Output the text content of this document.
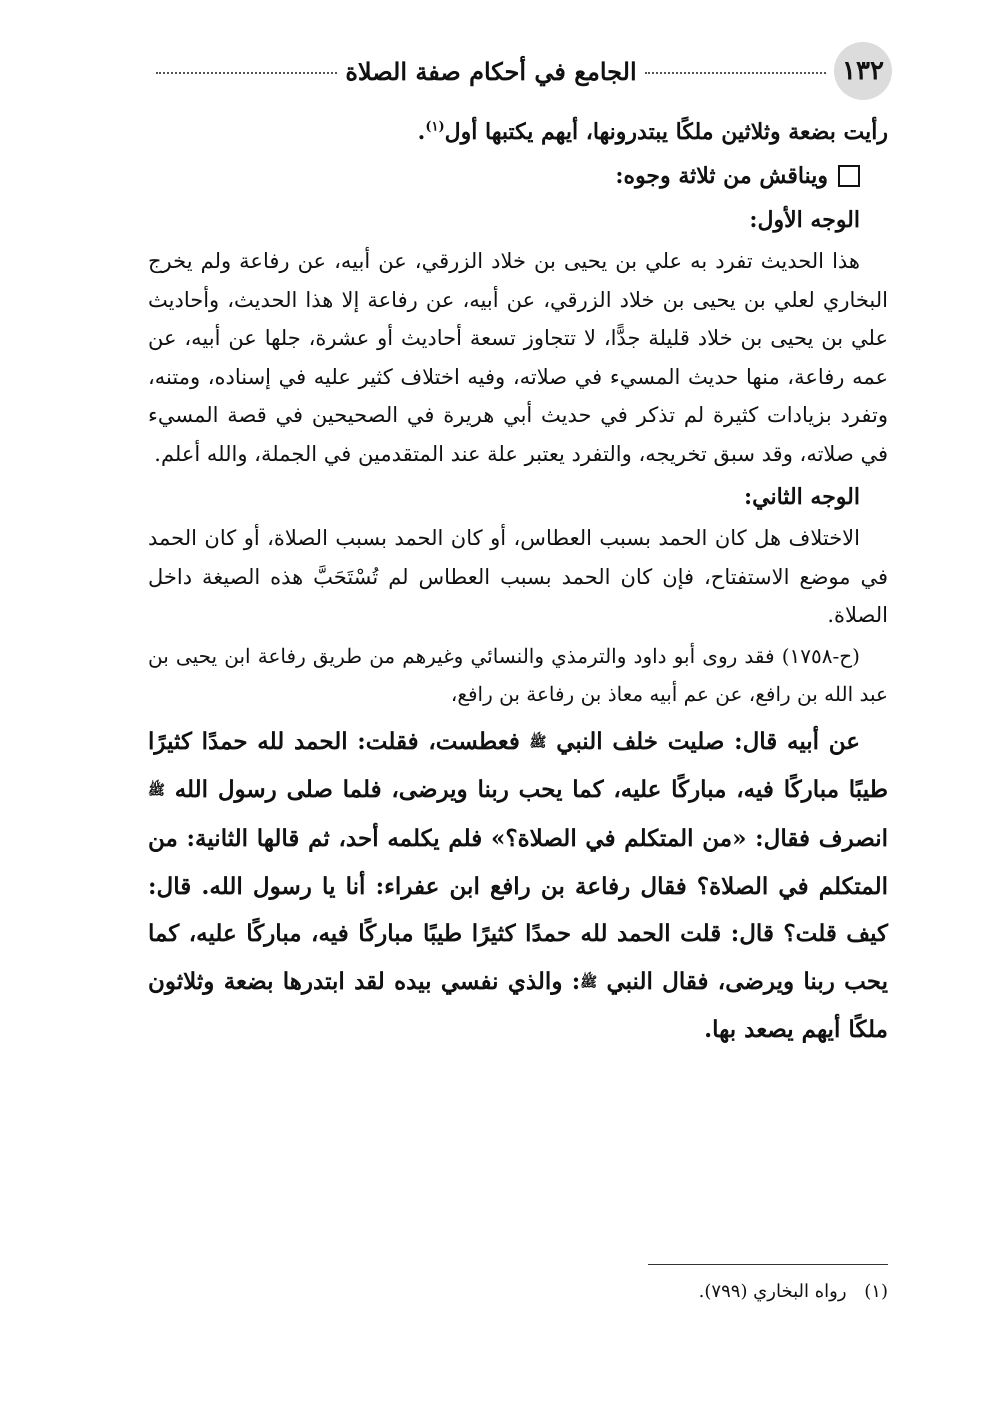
١٣٢
الجامع في أحكام صفة الصلاة

رأيت بضعة وثلاثين ملكًا يبتدرونها، أيهم يكتبها أول$^{(١)}$.

ويناقش من ثلاثة وجوه:

الوجه الأول:

هذا الحديث تفرد به علي بن يحيى بن خلاد الزرقي، عن أبيه، عن رفاعة ولم يخرج البخاري لعلي بن يحيى بن خلاد الزرقي، عن أبيه، عن رفاعة إلا هذا الحديث، وأحاديث علي بن يحيى بن خلاد قليلة جدًّا، لا تتجاوز تسعة أحاديث أو عشرة، جلها عن أبيه، عن عمه رفاعة، منها حديث المسيء في صلاته، وفيه اختلاف كثير عليه في إسناده، ومتنه، وتفرد بزيادات كثيرة لم تذكر في حديث أبي هريرة في الصحيحين في قصة المسيء في صلاته، وقد سبق تخريجه، والتفرد يعتبر علة عند المتقدمين في الجملة، والله أعلم.

الوجه الثاني:

الاختلاف هل كان الحمد بسبب العطاس، أو كان الحمد بسبب الصلاة، أو كان الحمد في موضع الاستفتاح، فإن كان الحمد بسبب العطاس لم تُسْتَحَبَّ هذه الصيغة داخل الصلاة.

(ح-١٧٥٨) فقد روى أبو داود والترمذي والنسائي وغيرهم من طريق رفاعة ابن يحيى بن عبد الله بن رافع، عن عم أبيه معاذ بن رفاعة بن رافع،

عن أبيه قال: صليت خلف النبي ﷺ فعطست، فقلت: الحمد لله حمدًا كثيرًا طيبًا مباركًا فيه، مباركًا عليه، كما يحب ربنا ويرضى، فلما صلى رسول الله ﷺ انصرف فقال: «من المتكلم في الصلاة؟» فلم يكلمه أحد، ثم قالها الثانية: من المتكلم في الصلاة؟ فقال رفاعة بن رافع ابن عفراء: أنا يا رسول الله. قال: كيف قلت؟ قال: قلت الحمد لله حمدًا كثيرًا طيبًا مباركًا فيه، مباركًا عليه، كما يحب ربنا ويرضى، فقال النبي ﷺ: والذي نفسي بيده لقد ابتدرها بضعة وثلاثون ملكًا أيهم يصعد بها.

(١) رواه البخاري (٧٩٩).
